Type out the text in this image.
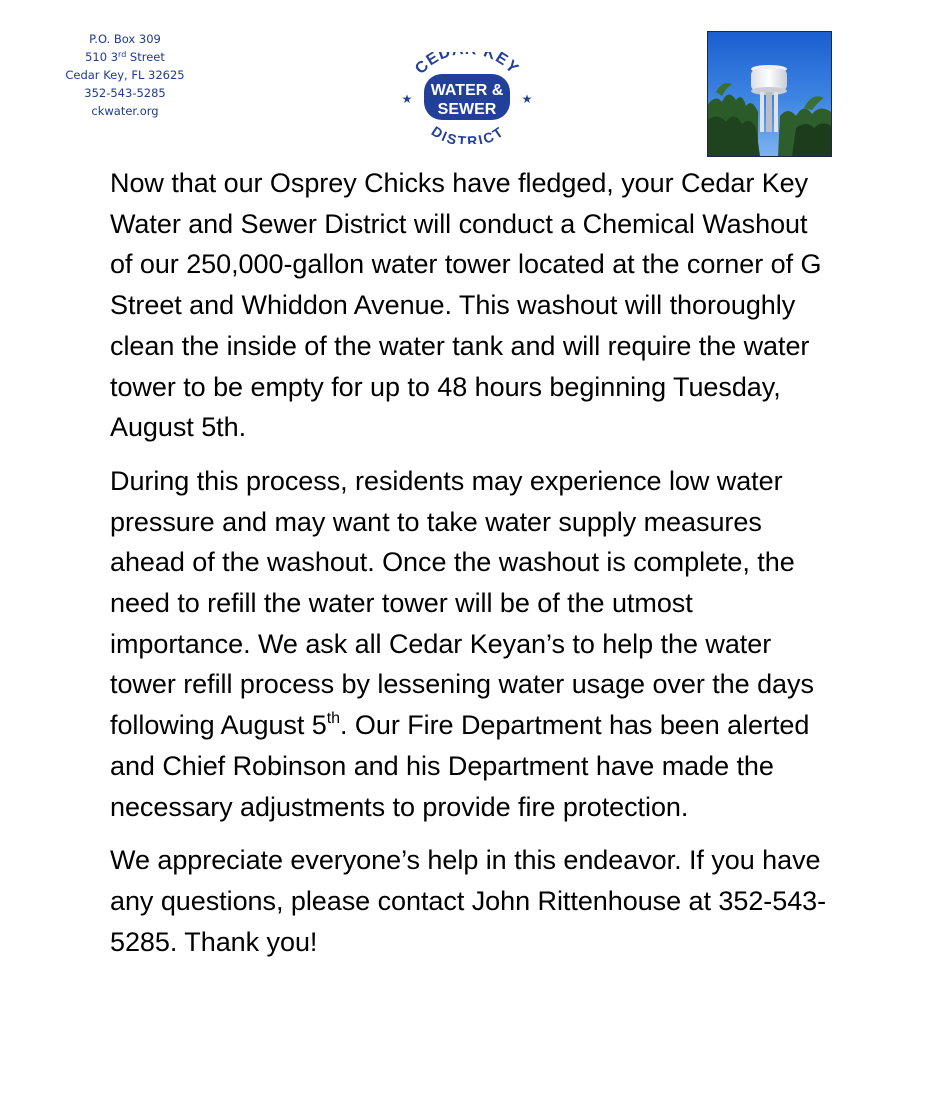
P.O. Box 309
510 3rd Street
Cedar Key, FL 32625
352-543-5285
ckwater.org
CED KEY
WATER &
SEWER
★	★
DISTRICT

Now that our Osprey Chicks have fledged, your Cedar Key Water and Sewer District will conduct a Chemical Washout of our 250,000-gallon water tower located at the corner of G Street and Whiddon Avenue. This washout will thoroughly clean the inside of the water tank and will require the water tower to be empty for up to 48 hours beginning Tuesday, August 5th.

During this process, residents may experience low water pressure and may want to take water supply measures ahead of the washout. Once the washout is complete, the need to refill the water tower will be of the utmost importance. We ask all Cedar Keyan’s to help the water tower refill process by lessening water usage over the days following August 5th. Our Fire Department has been alerted and Chief Robinson and his Department have made the necessary adjustments to provide fire protection.

We appreciate everyone’s help in this endeavor. If you have any questions, please contact John Rittenhouse at 352-543-5285. Thank you!
